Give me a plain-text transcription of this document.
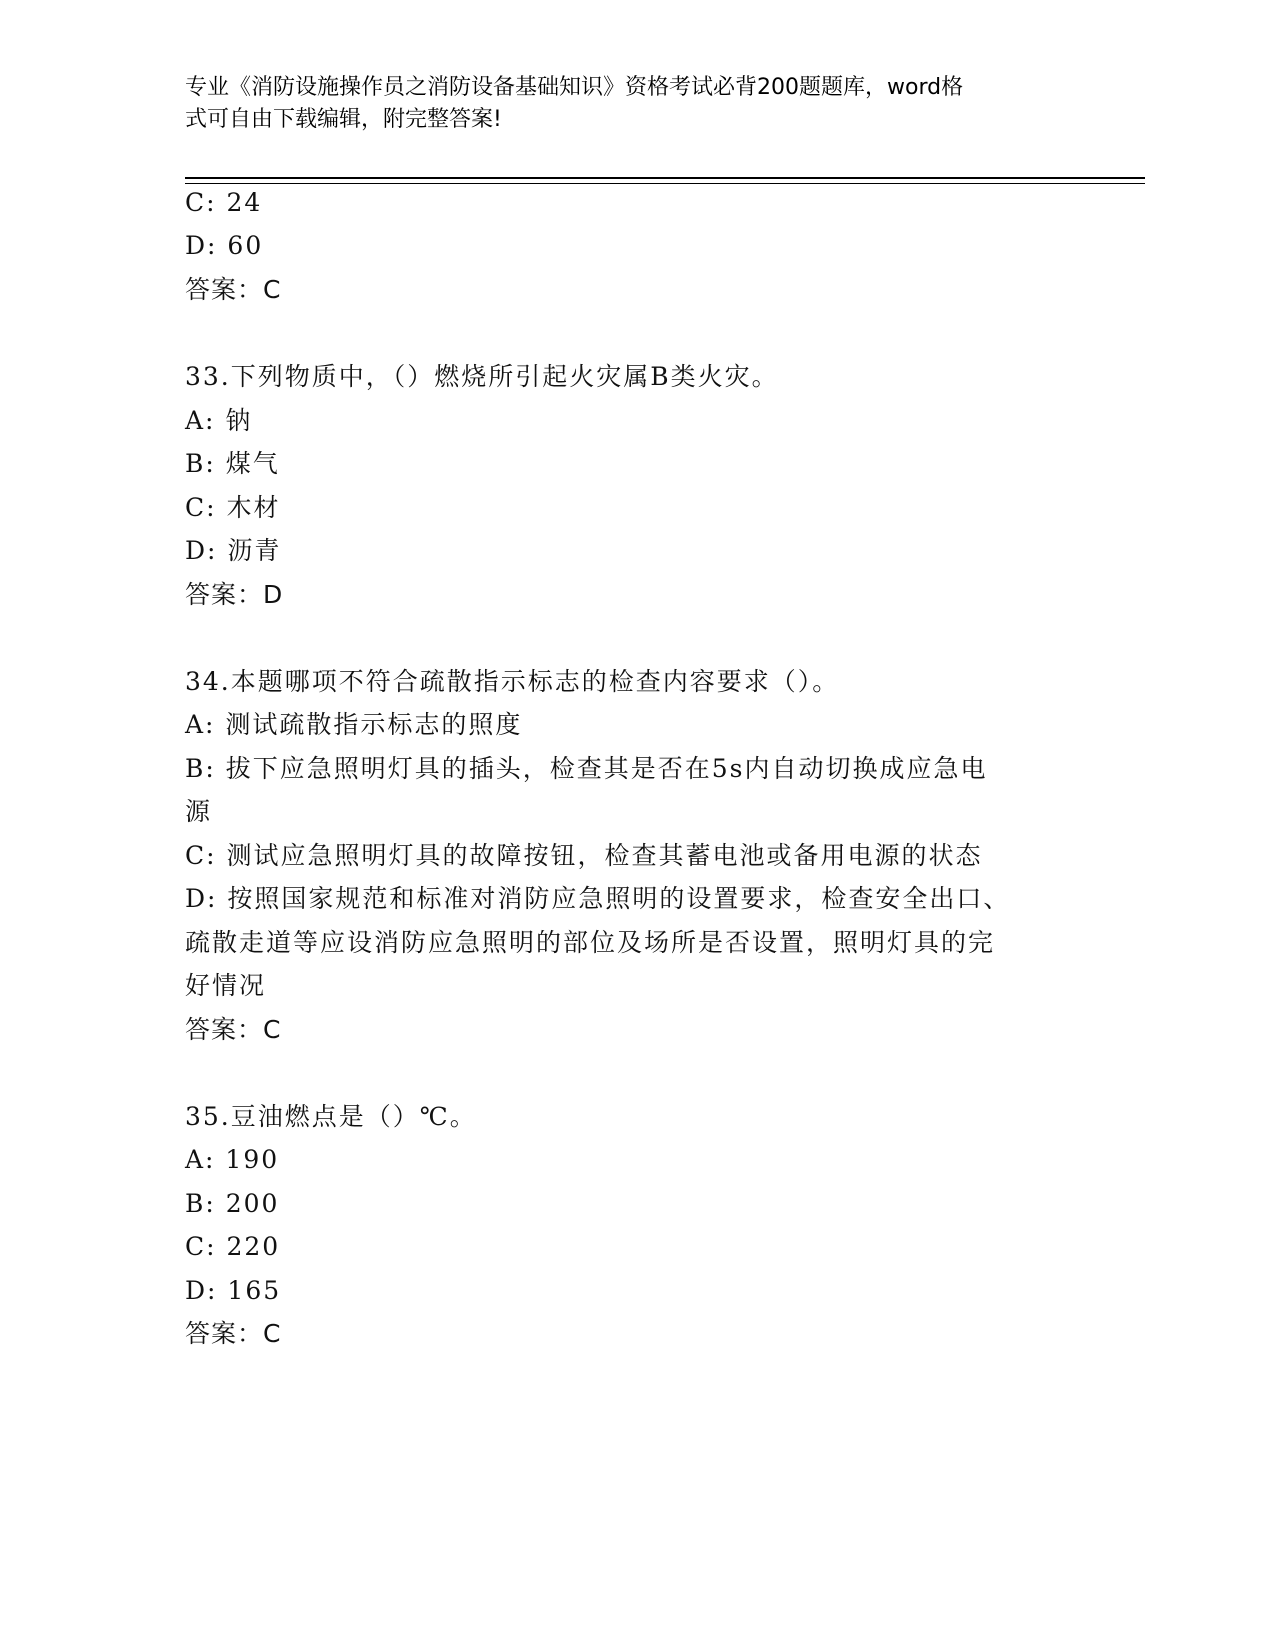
专业《消防设施操作员之消防设备基础知识》资格考试必背200题题库，word格
式可自由下载编辑，附完整答案!
C: 24
D: 60
答案：C
33.下列物质中，（）燃烧所引起火灾属B类火灾。
A: 钠
B: 煤气
C: 木材
D: 沥青
答案：D
34.本题哪项不符合疏散指示标志的检查内容要求（）。
A: 测试疏散指示标志的照度
B: 拔下应急照明灯具的插头，检查其是否在5s内自动切换成应急电
源
C: 测试应急照明灯具的故障按钮，检查其蓄电池或备用电源的状态
D: 按照国家规范和标准对消防应急照明的设置要求，检查安全出口、
疏散走道等应设消防应急照明的部位及场所是否设置，照明灯具的完
好情况
答案：C
35.豆油燃点是（）℃。
A: 190
B: 200
C: 220
D: 165
答案：C
